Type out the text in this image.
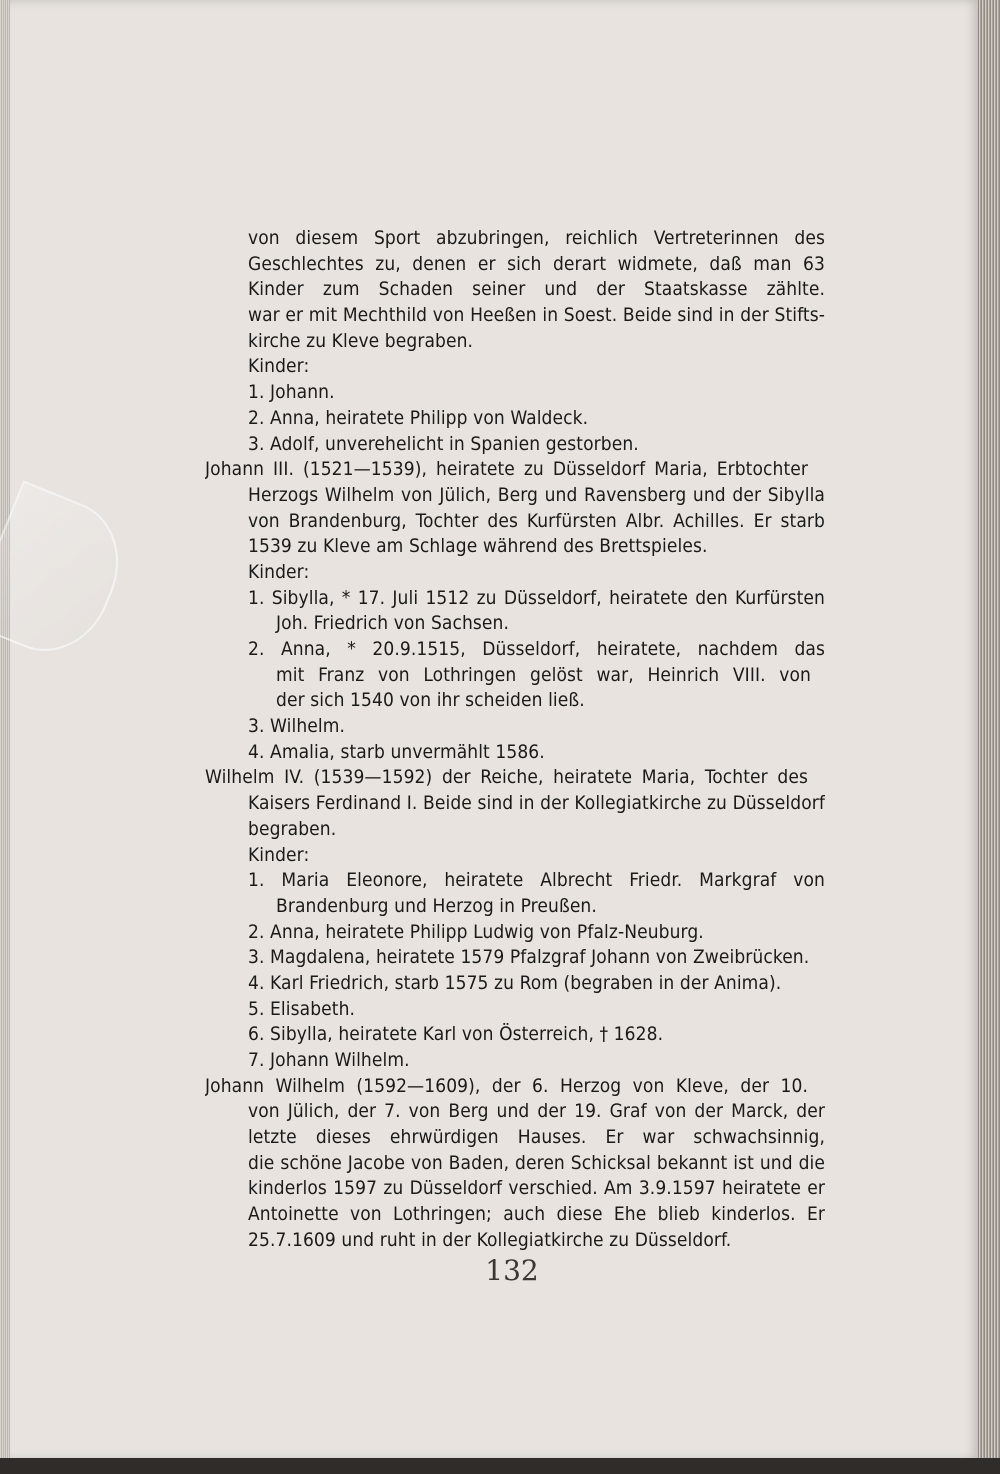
von diesem Sport abzubringen, reichlich Vertreterinnen des
Geschlechtes zu, denen er sich derart widmete, daß man 63
Kinder zum Schaden seiner und der Staatskasse zählte.
war er mit Mechthild von Heeßen in Soest. Beide sind in der Stifts-
kirche zu Kleve begraben.
Kinder:
1. Johann.
2. Anna, heiratete Philipp von Waldeck.
3. Adolf, unverehelicht in Spanien gestorben.
Johann III. (1521—1539), heiratete zu Düsseldorf Maria, Erbtochter
Herzogs Wilhelm von Jülich, Berg und Ravensberg und der Sibylla
von Brandenburg, Tochter des Kurfürsten Albr. Achilles. Er starb
1539 zu Kleve am Schlage während des Brettspieles.
Kinder:
1. Sibylla, * 17. Juli 1512 zu Düsseldorf, heiratete den Kurfürsten
Joh. Friedrich von Sachsen.
2. Anna, * 20.9.1515, Düsseldorf, heiratete, nachdem das
mit Franz von Lothringen gelöst war, Heinrich VIII. von
der sich 1540 von ihr scheiden ließ.
3. Wilhelm.
4. Amalia, starb unvermählt 1586.
Wilhelm IV. (1539—1592) der Reiche, heiratete Maria, Tochter des
Kaisers Ferdinand I. Beide sind in der Kollegiatkirche zu Düsseldorf
begraben.
Kinder:
1. Maria Eleonore, heiratete Albrecht Friedr. Markgraf von
Brandenburg und Herzog in Preußen.
2. Anna, heiratete Philipp Ludwig von Pfalz-Neuburg.
3. Magdalena, heiratete 1579 Pfalzgraf Johann von Zweibrücken.
4. Karl Friedrich, starb 1575 zu Rom (begraben in der Anima).
5. Elisabeth.
6. Sibylla, heiratete Karl von Österreich, † 1628.
7. Johann Wilhelm.
Johann Wilhelm (1592—1609), der 6. Herzog von Kleve, der 10.
von Jülich, der 7. von Berg und der 19. Graf von der Marck, der
letzte dieses ehrwürdigen Hauses. Er war schwachsinnig,
die schöne Jacobe von Baden, deren Schicksal bekannt ist und die
kinderlos 1597 zu Düsseldorf verschied. Am 3.9.1597 heiratete er
Antoinette von Lothringen; auch diese Ehe blieb kinderlos. Er
25.7.1609 und ruht in der Kollegiatkirche zu Düsseldorf.
132
